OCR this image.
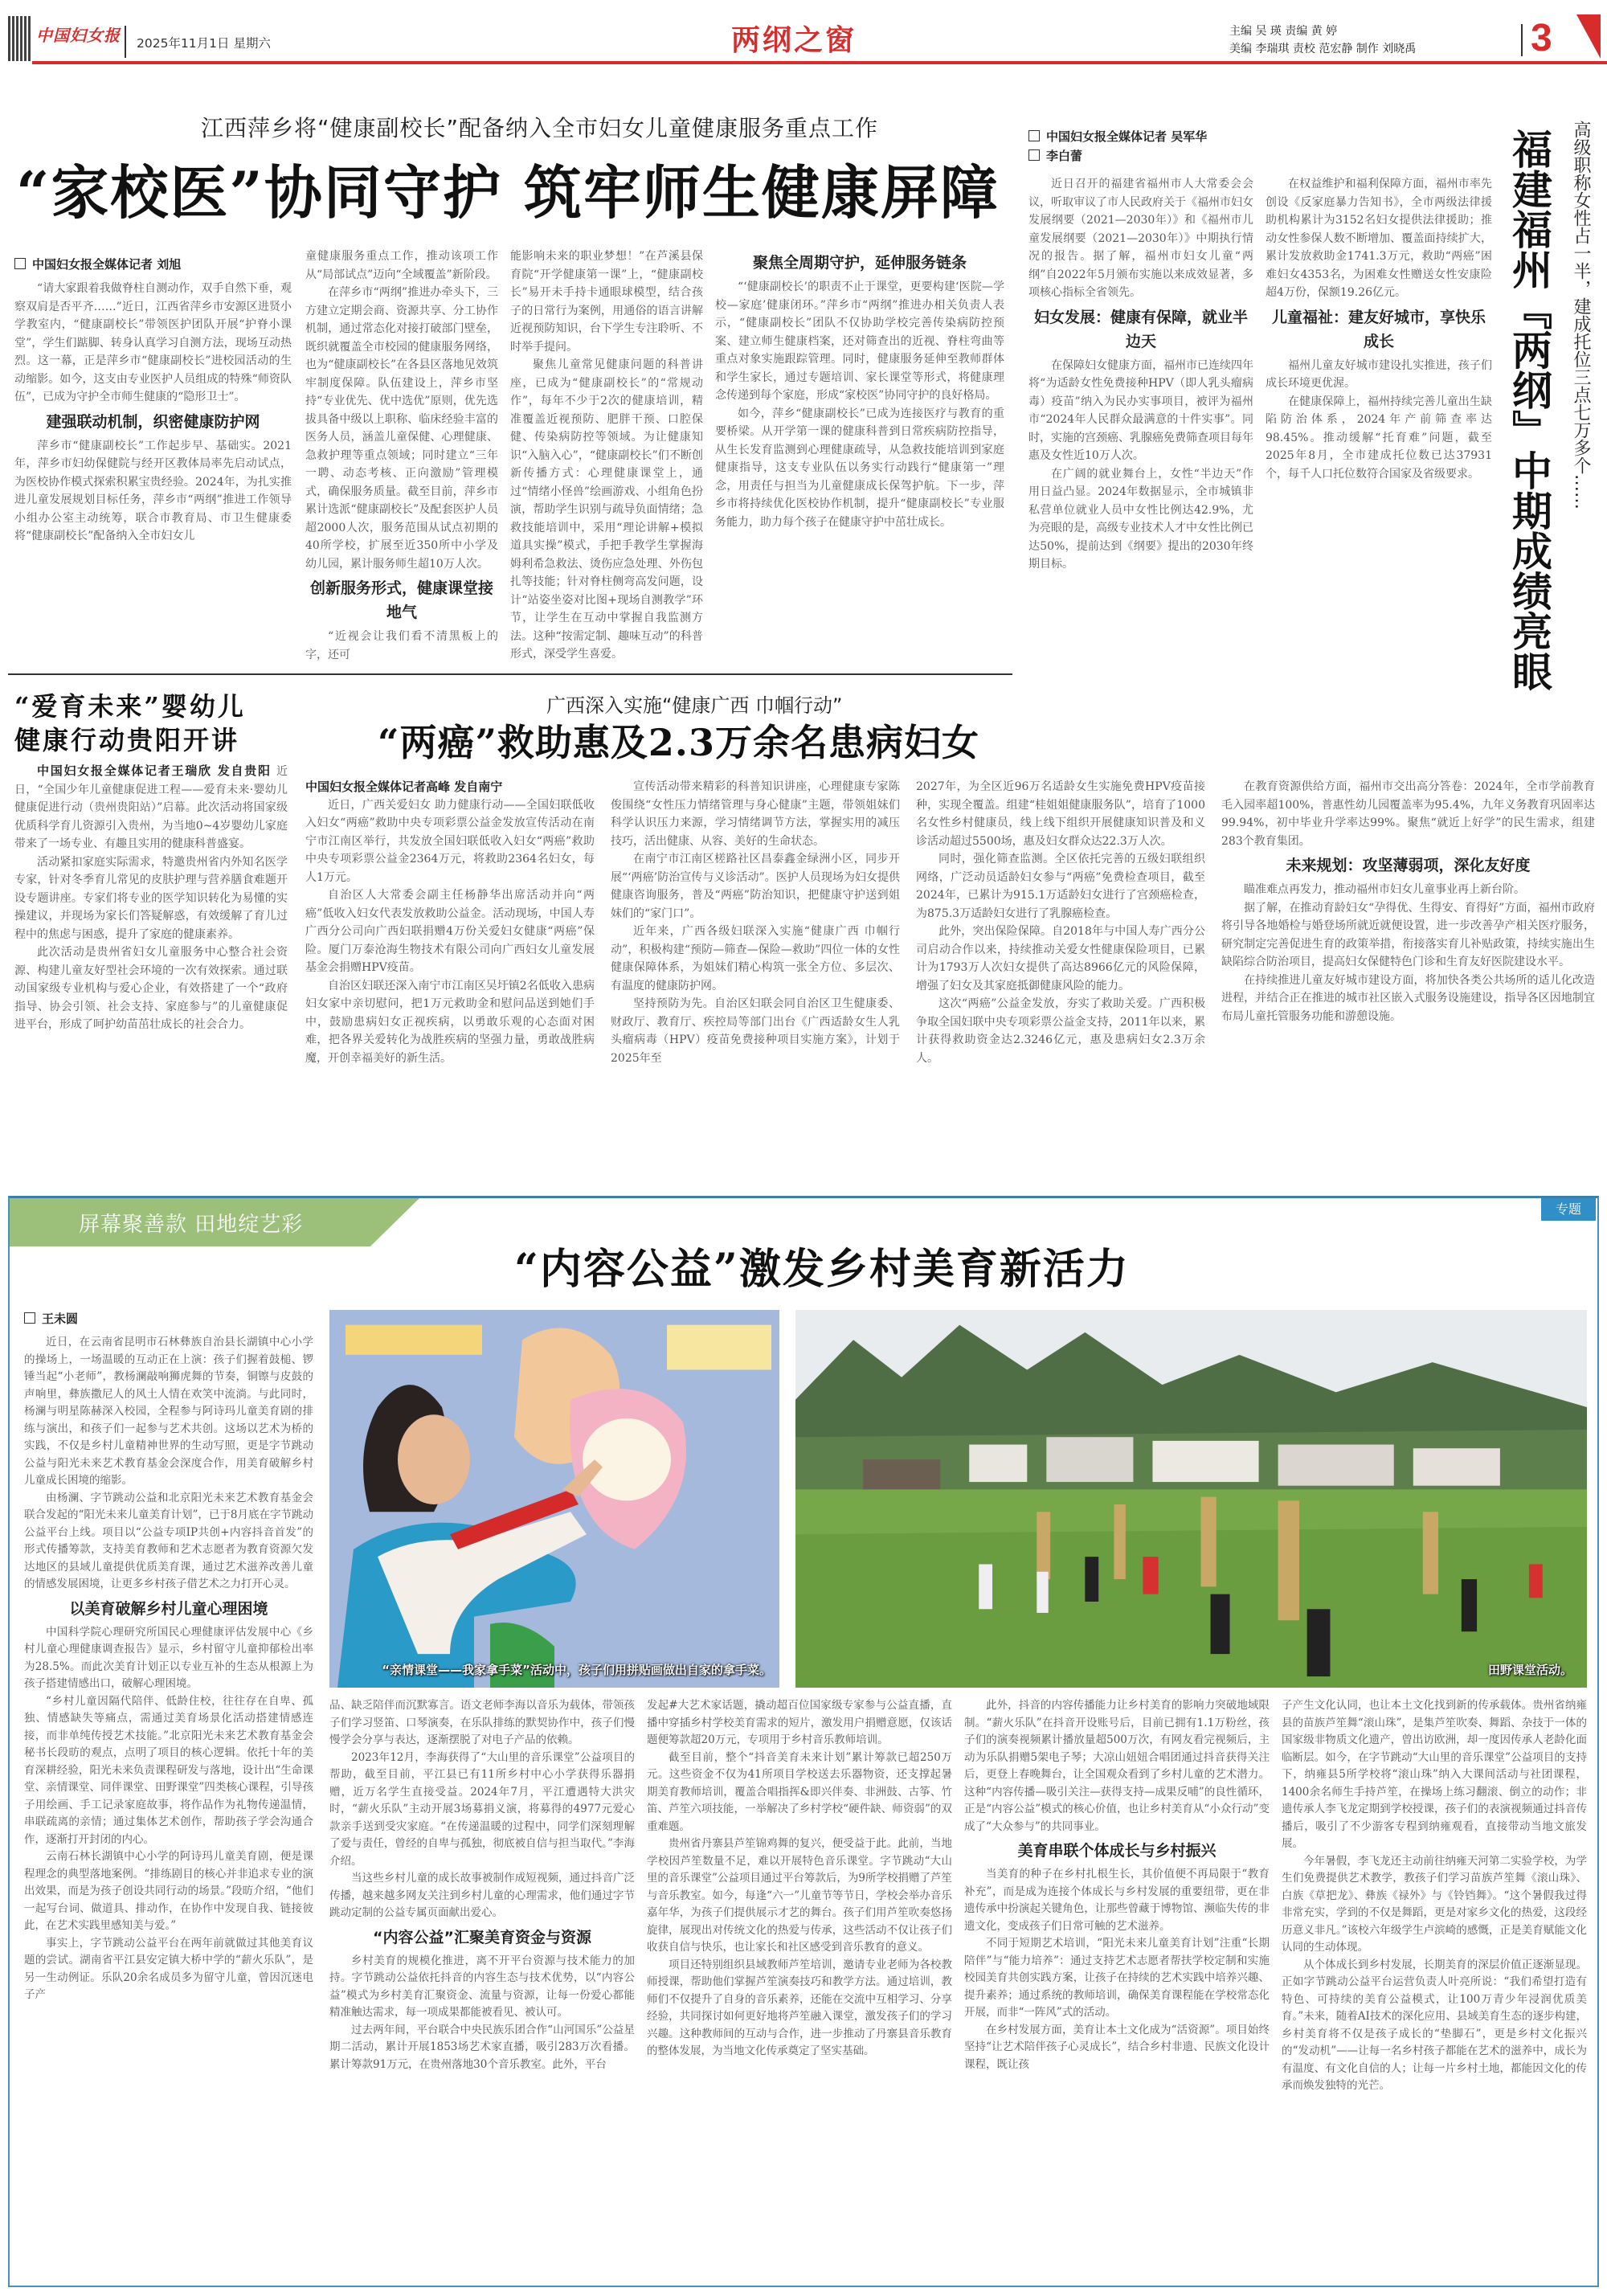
中国妇女报 2025年11月1日 星期六	两纲之窗	主编 吴 瑛 责编 黄 婷
美编 李瑞琪 责校 范宏静 制作 刘晓禹	3
江西萍乡将“健康副校长”配备纳入全市妇女儿童健康服务重点工作
“家校医”协同守护 筑牢师生健康屏障
中国妇女报全媒体记者 刘旭

“请大家跟着我做脊柱自测动作，双手自然下垂，观察双肩是否平齐……”近日，江西省萍乡市安源区进贤小学教室内，“健康副校长”带领医护团队开展“护脊小课堂”，学生们踮脚、转身认真学习自测方法，现场互动热烈。这一幕，正是萍乡市“健康副校长”进校园活动的生动缩影。如今，这支由专业医护人员组成的特殊“师资队伍”，已成为守护全市师生健康的“隐形卫士”。

建强联动机制，织密健康防护网

萍乡市“健康副校长”工作起步早、基础实。2021年，萍乡市妇幼保健院与经开区教体局率先启动试点，为医校协作模式探索积累宝贵经验。2024年，为扎实推进儿童发展规划目标任务，萍乡市“两纲”推进工作领导小组办公室主动统筹，联合市教育局、市卫生健康委将“健康副校长”配备纳入全市妇女儿

童健康服务重点工作，推动该项工作从“局部试点”迈向“全域覆盖”新阶段。

在萍乡市“两纲”推进办牵头下，三方建立定期会商、资源共享、分工协作机制，通过常态化对接打破部门壁垒，既织就覆盖全市校园的健康服务网络，也为“健康副校长”在各县区落地见效筑牢制度保障。队伍建设上，萍乡市坚持“专业优先、优中选优”原则，优先选拔具备中级以上职称、临床经验丰富的医务人员，涵盖儿童保健、心理健康、急救护理等重点领域；同时建立“三年一聘、动态考核、正向激励”管理模式，确保服务质量。截至目前，萍乡市累计选派“健康副校长”及配套医护人员超2000人次，服务范围从试点初期的40所学校，扩展至近350所中小学及幼儿园，累计服务师生超10万人次。

创新服务形式，健康课堂接地气

“近视会让我们看不清黑板上的字，还可

能影响未来的职业梦想！”在芦溪县保育院“开学健康第一课”上，“健康副校长”易开未手持卡通眼球模型，结合孩子的日常行为案例，用通俗的语言讲解近视预防知识，台下学生专注聆听、不时举手提问。

聚焦儿童常见健康问题的科普讲座，已成为“健康副校长”的“常规动作”，每年不少于2次的健康培训，精准覆盖近视预防、肥胖干预、口腔保健、传染病防控等领域。为让健康知识“入脑入心”，“健康副校长”们不断创新传播方式：心理健康课堂上，通过“情绪小怪兽”绘画游戏、小组角色扮演，帮助学生识别与疏导负面情绪；急救技能培训中，采用“理论讲解+模拟道具实操”模式，手把手教学生掌握海姆利希急救法、烫伤应急处理、外伤包扎等技能；针对脊柱侧弯高发问题，设计“站姿坐姿对比图+现场自测教学”环节，让学生在互动中掌握自我监测方法。这种“按需定制、趣味互动”的科普形式，深受学生喜爱。

聚焦全周期守护，延伸服务链条

“‘健康副校长’的职责不止于课堂，更要构建‘医院—学校—家庭’健康闭环。”萍乡市“两纲”推进办相关负责人表示，“健康副校长”团队不仅协助学校完善传染病防控预案、建立师生健康档案，还对筛查出的近视、脊柱弯曲等重点对象实施跟踪管理。同时，健康服务延伸至教师群体和学生家长，通过专题培训、家长课堂等形式，将健康理念传递到每个家庭，形成“家校医”协同守护的良好格局。

如今，萍乡“健康副校长”已成为连接医疗与教育的重要桥梁。从开学第一课的健康科普到日常疾病防控指导，从生长发育监测到心理健康疏导，从急救技能培训到家庭健康指导，这支专业队伍以务实行动践行“健康第一”理念，用责任与担当为儿童健康成长保驾护航。下一步，萍乡市将持续优化医校协作机制，提升“健康副校长”专业服务能力，助力每个孩子在健康守护中茁壮成长。

中国妇女报全媒体记者 吴军华
李白蕾	福建福州『两纲』中期成绩亮眼	高级职称女性占一半，建成托位三点七万多个……

近日召开的福建省福州市人大常委会会议，听取审议了市人民政府关于《福州市妇女发展纲要（2021—2030年）》和《福州市儿童发展纲要（2021—2030年）》中期执行情况的报告。据了解，福州市妇女儿童“两纲”自2022年5月颁布实施以来成效显著，多项核心指标全省领先。

妇女发展：健康有保障，就业半边天

在保障妇女健康方面，福州市已连续四年将“为适龄女性免费接种HPV（即人乳头瘤病毒）疫苗”纳入为民办实事项目，被评为福州市“2024年人民群众最满意的十件实事”。同时，实施的宫颈癌、乳腺癌免费筛查项目每年惠及女性近10万人次。

在广阔的就业舞台上，女性“半边天”作用日益凸显。2024年数据显示，全市城镇非私营单位就业人员中女性比例达42.9%，尤为亮眼的是，高级专业技术人才中女性比例已达50%，提前达到《纲要》提出的2030年终期目标。

在权益维护和福利保障方面，福州市率先创设《反家庭暴力告知书》，全市两级法律援助机构累计为3152名妇女提供法律援助；推动女性参保人数不断增加、覆盖面持续扩大，累计发放救助金1741.3万元，救助“两癌”困难妇女4353名，为困难女性赠送女性安康险超4万份，保额19.26亿元。

儿童福祉：建友好城市，享快乐成长

福州儿童友好城市建设扎实推进，孩子们成长环境更优渥。

在健康保障上，福州持续完善儿童出生缺陷防治体系，2024年产前筛查率达98.45%。推动缓解“托育难”问题，截至2025年8月，全市建成托位数已达37931个，每千人口托位数符合国家及省级要求。

在教育资源供给方面，福州市交出高分答卷：2024年，全市学前教育毛入园率超100%，普惠性幼儿园覆盖率为95.4%，九年义务教育巩固率达99.94%，初中毕业升学率达99%。聚焦“就近上好学”的民生需求，组建283个教育集团。

未来规划：攻坚薄弱项，深化友好度

瞄准难点再发力，推动福州市妇女儿童事业再上新台阶。

据了解，在推动育龄妇女“孕得优、生得安、育得好”方面，福州市政府将引导各地婚检与婚登场所就近就便设置，进一步改善孕产相关医疗服务，研究制定完善促进生育的政策举措，衔接落实育儿补贴政策，持续实施出生缺陷综合防治项目，提高妇女保健特色门诊和生育友好医院建设水平。

在持续推进儿童友好城市建设方面，将加快各类公共场所的适儿化改造进程，并结合正在推进的城市社区嵌入式服务设施建设，指导各区因地制宜布局儿童托管服务功能和游憩设施。

“爱育未来”婴幼儿
健康行动贵阳开讲

中国妇女报全媒体记者王瑞欣 发自贵阳 近日，“全国少年儿童健康促进工程——爱育未来·婴幼儿健康促进行动（贵州贵阳站）”启幕。此次活动将国家级优质科学育儿资源引入贵州，为当地0~4岁婴幼儿家庭带来了一场专业、有趣且实用的健康科普盛宴。

活动紧扣家庭实际需求，特邀贵州省内外知名医学专家，针对冬季育儿常见的皮肤护理与营养膳食难题开设专题讲座。专家们将专业的医学知识转化为易懂的实操建议，并现场为家长们答疑解惑，有效缓解了育儿过程中的焦虑与困惑，提升了家庭的健康素养。

此次活动是贵州省妇女儿童服务中心整合社会资源、构建儿童友好型社会环境的一次有效探索。通过联动国家级专业机构与爱心企业，有效搭建了一个“政府指导、协会引领、社会支持、家庭参与”的儿童健康促进平台，形成了呵护幼苗茁壮成长的社会合力。

广西深入实施“健康广西 巾帼行动”
“两癌”救助惠及2.3万余名患病妇女
中国妇女报全媒体记者高峰 发自南宁

近日，广西关爱妇女 助力健康行动——全国妇联低收入妇女“两癌”救助中央专项彩票公益金发放宣传活动在南宁市江南区举行，共发放全国妇联低收入妇女“两癌”救助中央专项彩票公益金2364万元，将救助2364名妇女，每人1万元。

自治区人大常委会副主任杨静华出席活动并向“两癌”低收入妇女代表发放救助公益金。活动现场，中国人寿广西分公司向广西妇联捐赠4万份关爱妇女健康“两癌”保险。厦门万泰沧海生物技术有限公司向广西妇女儿童发展基金会捐赠HPV疫苗。

自治区妇联还深入南宁市江南区吴圩镇2名低收入患病妇女家中亲切慰问，把1万元救助金和慰问品送到她们手中，鼓励患病妇女正视疾病，以勇敢乐观的心态面对困难，把各界关爱转化为战胜疾病的坚强力量，勇敢战胜病魔，开创幸福美好的新生活。

宣传活动带来精彩的科普知识讲座，心理健康专家陈俊围绕“女性压力情绪管理与身心健康”主题，带领姐妹们科学认识压力来源，学习情绪调节方法，掌握实用的减压技巧，活出健康、从容、美好的生命状态。

在南宁市江南区槎路社区昌泰鑫金绿洲小区，同步开展“‘两癌’防治宣传与义诊活动”。医护人员现场为妇女提供健康咨询服务，普及“两癌”防治知识，把健康守护送到姐妹们的“家门口”。

近年来，广西各级妇联深入实施“健康广西 巾帼行动”，积极构建“预防—筛查—保险—救助”四位一体的女性健康保障体系，为姐妹们精心构筑一张全方位、多层次、有温度的健康防护网。

坚持预防为先。自治区妇联会同自治区卫生健康委、财政厅、教育厅、疾控局等部门出台《广西适龄女生人乳头瘤病毒（HPV）疫苗免费接种项目实施方案》，计划于2025年至

2027年，为全区近96万名适龄女生实施免费HPV疫苗接种，实现全覆盖。组建“桂姐姐健康服务队”，培育了1000名女性乡村健康员，线上线下组织开展健康知识普及和义诊活动超过5500场，惠及妇女群众达22.3万人次。

同时，强化筛查监测。全区依托完善的五级妇联组织网络，广泛动员适龄妇女参与“两癌”免费检查项目，截至2024年，已累计为915.1万适龄妇女进行了宫颈癌检查，为875.3万适龄妇女进行了乳腺癌检查。

此外，突出保险保障。自2018年与中国人寿广西分公司启动合作以来，持续推动关爱女性健康保险项目，已累计为1793万人次妇女提供了高达8966亿元的风险保障，增强了妇女及其家庭抵御健康风险的能力。

这次“两癌”公益金发放，夯实了救助关爱。广西积极争取全国妇联中央专项彩票公益金支持，2011年以来，累计获得救助资金达2.3246亿元，惠及患病妇女2.3万余人。

屏幕聚善款 田地绽艺彩
专题
“内容公益”激发乡村美育新活力
王未圆

近日，在云南省昆明市石林彝族自治县长湖镇中心小学的操场上，一场温暖的互动正在上演：孩子们握着鼓槌、锣锤当起“小老师”，教杨澜敲响狮虎舞的节奏，铜镲与皮鼓的声响里，彝族撒尼人的风土人情在欢笑中流淌。与此同时，杨澜与明星陈赫深入校园，全程参与阿诗玛儿童美育剧的排练与演出，和孩子们一起参与艺术共创。这场以艺术为桥的实践，不仅是乡村儿童精神世界的生动写照，更是字节跳动公益与阳光未来艺术教育基金会深度合作，用美育破解乡村儿童成长困境的缩影。

由杨澜、字节跳动公益和北京阳光未来艺术教育基金会联合发起的“阳光未来儿童美育计划”，已于8月底在字节跳动公益平台上线。项目以“公益专项IP共创+内容抖音首发”的形式传播筹款，支持美育教师和艺术志愿者为教育资源欠发达地区的县域儿童提供优质美育课，通过艺术滋养改善儿童的情感发展困境，让更多乡村孩子借艺术之力打开心灵。

以美育破解乡村儿童心理困境

中国科学院心理研究所国民心理健康评估发展中心《乡村儿童心理健康调查报告》显示，乡村留守儿童抑郁检出率为28.5%。而此次美育计划正以专业互补的生态从根源上为孩子搭建情感出口，破解心理困境。

“乡村儿童因隔代陪伴、低龄住校，往往存在自卑、孤独、情感缺失等痛点，需通过美育场景化活动搭建情感连接，而非单纯传授艺术技能。”北京阳光未来艺术教育基金会秘书长段昉的观点，点明了项目的核心逻辑。依托十年的美育深耕经验，阳光未来负责课程研发与落地，设计出“生命课堂、亲情课堂、同伴课堂、田野课堂”四类核心课程，引导孩子用绘画、手工记录家庭故事，将作品作为礼物传递温情，串联疏离的亲情；通过集体艺术创作，帮助孩子学会沟通合作，逐渐打开封闭的内心。

云南石林长湖镇中心小学的阿诗玛儿童美育剧，便是课程理念的典型落地案例。“排练剧目的核心并非追求专业的演出效果，而是为孩子创设共同行动的场景。”段昉介绍，“他们一起写台词、做道具、排动作，在协作中发现自我、链接彼此，在艺术实践里感知美与爱。”

事实上，字节跳动公益平台在两年前就做过其他美育议题的尝试。湖南省平江县安定镇大桥中学的“薪火乐队”，是另一生动例证。乐队20余名成员多为留守儿童，曾因沉迷电子产

“亲情课堂——我家拿手菜”活动中，孩子们用拼贴画做出自家的拿手菜。	田野课堂活动。

品、缺乏陪伴而沉默寡言。语文老师李海以音乐为载体，带领孩子们学习竖笛、口琴演奏，在乐队排练的默契协作中，孩子们慢慢学会分享与表达，逐渐摆脱了对电子产品的依赖。

2023年12月，李海获得了“大山里的音乐课堂”公益项目的帮助，截至目前，平江县已有11所乡村中心小学获得乐器捐赠，近万名学生直接受益。2024年7月，平江遭遇特大洪灾时，“薪火乐队”主动开展3场募捐义演，将募得的4977元爱心款亲手送到受灾家庭。“在传递温暖的过程中，同学们深刻理解了爱与责任，曾经的自卑与孤独，彻底被自信与担当取代。”李海介绍。

当这些乡村儿童的成长故事被制作成短视频，通过抖音广泛传播，越来越多网友关注到乡村儿童的心理需求，他们通过字节跳动定制的公益专属页面献出爱心。

“内容公益”汇聚美育资金与资源

乡村美育的规模化推进，离不开平台资源与技术能力的加持。字节跳动公益依托抖音的内容生态与技术优势，以“内容公益”模式为乡村美育汇聚资金、流量与资源，让每一份爱心都能精准触达需求，每一项成果都能被看见、被认可。

过去两年间，平台联合中央民族乐团合作“山河国乐”公益星期二活动，累计开展1853场艺术家直播，吸引283万次看播。累计筹款91万元，在贵州落地30个音乐教室。此外，平台

发起#大艺术家话题，撬动超百位国家级专家参与公益直播，直播中穿插乡村学校美育需求的短片，激发用户捐赠意愿，仅该话题便筹款超20万元，专项用于乡村音乐教师培训。

截至目前，整个“抖音美育未来计划”累计筹款已超250万元。这些资金不仅为41所项目学校送去乐器物资，还支撑起暑期美育教师培训，覆盖合唱指挥&即兴伴奏、非洲鼓、古筝、竹笛、芦笙六项技能，一举解决了乡村学校“硬件缺、师资弱”的双重难题。

贵州省丹寨县芦笙锦鸡舞的复兴，便受益于此。此前，当地学校因芦笙数量不足，难以开展特色音乐课堂。字节跳动“大山里的音乐课堂”公益项目通过平台筹款后，为9所学校捐赠了芦笙与音乐教室。如今，每逢“六一”儿童节等节日，学校会举办音乐嘉年华，为孩子们提供展示才艺的舞台。孩子们用芦笙吹奏悠扬旋律，展现出对传统文化的热爱与传承，这些活动不仅让孩子们收获自信与快乐，也让家长和社区感受到音乐教育的意义。

项目还特别组织县域教师芦笙培训，邀请专业老师为各校教师授课，帮助他们掌握芦笙演奏技巧和教学方法。通过培训，教师们不仅提升了自身的音乐素养，还能在交流中互相学习、分享经验，共同探讨如何更好地将芦笙融入课堂，激发孩子们的学习兴趣。这种教师间的互动与合作，进一步推动了丹寨县音乐教育的整体发展，为当地文化传承奠定了坚实基础。

此外，抖音的内容传播能力让乡村美育的影响力突破地域限制。“薪火乐队”在抖音开设账号后，目前已拥有1.1万粉丝，孩子们的演奏视频累计播放量超500万次，有网友看完视频后，主动为乐队捐赠5架电子琴；大凉山妞妞合唱团通过抖音获得关注后，更登上春晚舞台，让全国观众看到了乡村儿童的艺术潜力。这种“内容传播—吸引关注—获得支持—成果反哺”的良性循环，正是“内容公益”模式的核心价值，也让乡村美育从“小众行动”变成了“大众参与”的共同事业。

美育串联个体成长与乡村振兴

当美育的种子在乡村扎根生长，其价值便不再局限于“教育补充”，而是成为连接个体成长与乡村发展的重要纽带，更在非遗传承中扮演起关键角色，让那些曾藏于博物馆、濒临失传的非遗文化，变成孩子们日常可触的艺术滋养。

不同于短期艺术培训，“阳光未来儿童美育计划”注重“长期陪伴”与“能力培养”：通过支持艺术志愿者帮扶学校定制和实施校园美育共创实践方案，让孩子在持续的艺术实践中培养兴趣、提升素养；通过系统的教师培训，确保美育课程能在学校常态化开展，而非“一阵风”式的活动。

在乡村发展方面，美育让本土文化成为“活资源”。项目始终坚持“让艺术陪伴孩子心灵成长”，结合乡村非遗、民族文化设计课程，既让孩

子产生文化认同，也让本土文化找到新的传承载体。贵州省纳雍县的苗族芦笙舞“滚山珠”，是集芦笙吹奏、舞蹈、杂技于一体的国家级非物质文化遗产，曾出访欧洲，却一度因传承人老龄化面临断层。如今，在字节跳动“大山里的音乐课堂”公益项目的支持下，纳雍县5所学校将“滚山珠”纳入大课间活动与社团课程，1400余名师生手持芦笙，在操场上练习翻滚、倒立的动作；非遗传承人李飞龙定期到学校授课，孩子们的表演视频通过抖音传播后，吸引了不少游客专程到纳雍观看，直接带动当地文旅发展。

今年暑假，李飞龙还主动前往纳雍天河第二实验学校，为学生们免费提供艺术教学，教孩子们学习苗族芦笙舞《滚山珠》、白族《草把龙》、彝族《禄外》与《铃铛舞》。“这个暑假我过得非常充实，学到的不仅是舞蹈，更是对家乡文化的热爱，这段经历意义非凡。”该校六年级学生卢滨崎的感慨，正是美育赋能文化认同的生动体现。

从个体成长到乡村发展，长期美育的深层价值正逐渐显现。正如字节跳动公益平台运营负责人叶亮所说：“我们希望打造有特色、可持续的美育公益模式，让100万青少年浸润优质美育。”未来，随着AI技术的深化应用、县域美育生态的逐步构建，乡村美育将不仅是孩子成长的“垫脚石”，更是乡村文化振兴的“发动机”——让每一名乡村孩子都能在艺术的滋养中，成长为有温度、有文化自信的人；让每一片乡村土地，都能因文化的传承而焕发独特的光芒。
